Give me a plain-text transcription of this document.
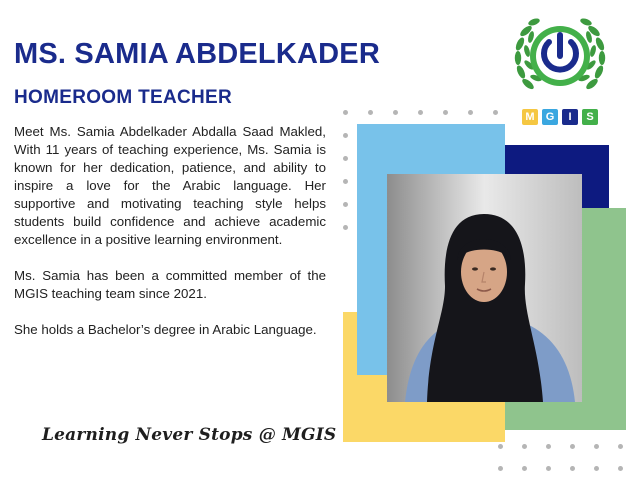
MS. SAMIA ABDELKADER
HOMEROOM TEACHER

Meet Ms. Samia Abdelkader Abdalla Saad Makled, With 11 years of teaching experience, Ms. Samia is known for her dedication, patience, and ability to inspire a love for the Arabic language. Her supportive and motivating teaching style helps students build confidence and achieve academic excellence in a positive learning environment.

Ms. Samia has been a committed member of the MGIS teaching team since 2021.

She holds a Bachelor’s degree in Arabic Language.

Learning Never Stops @ MGIS
M	G	I	S
